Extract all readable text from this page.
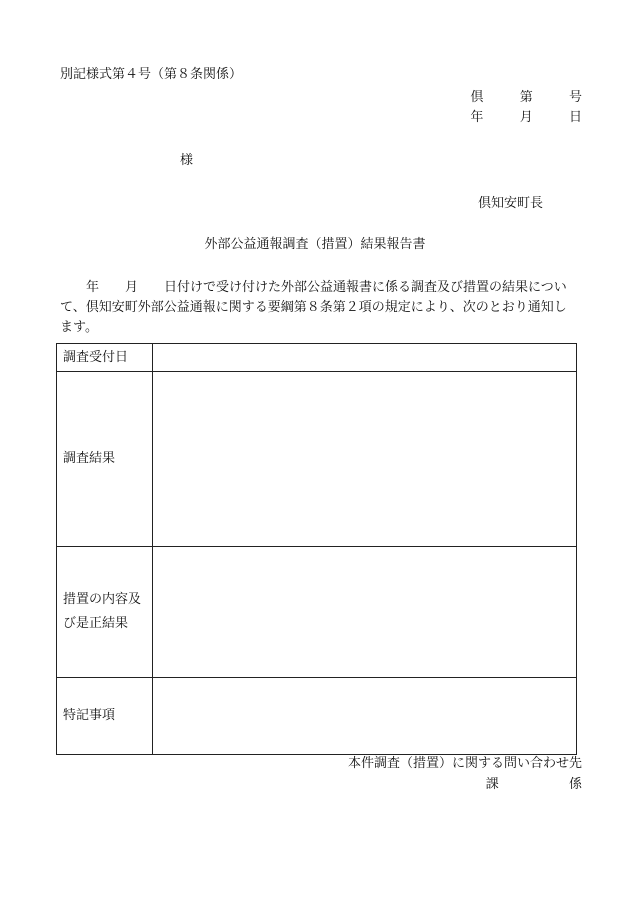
別記様式第４号（第８条関係）
倶	第	号
年	月	日
様
倶知安町長
外部公益通報調査（措置）結果報告書
年 月 日付けで受け付けた外部公益通報書に係る調査及び措置の結果につい
て、倶知安町外部公益通報に関する要綱第８条第２項の規定により、次のとおり通知し
ます。
調査受付日	
調査結果	
措置の内容及
び是正結果	
特記事項	
本件調査（措置）に関する問い合わせ先
課	係
